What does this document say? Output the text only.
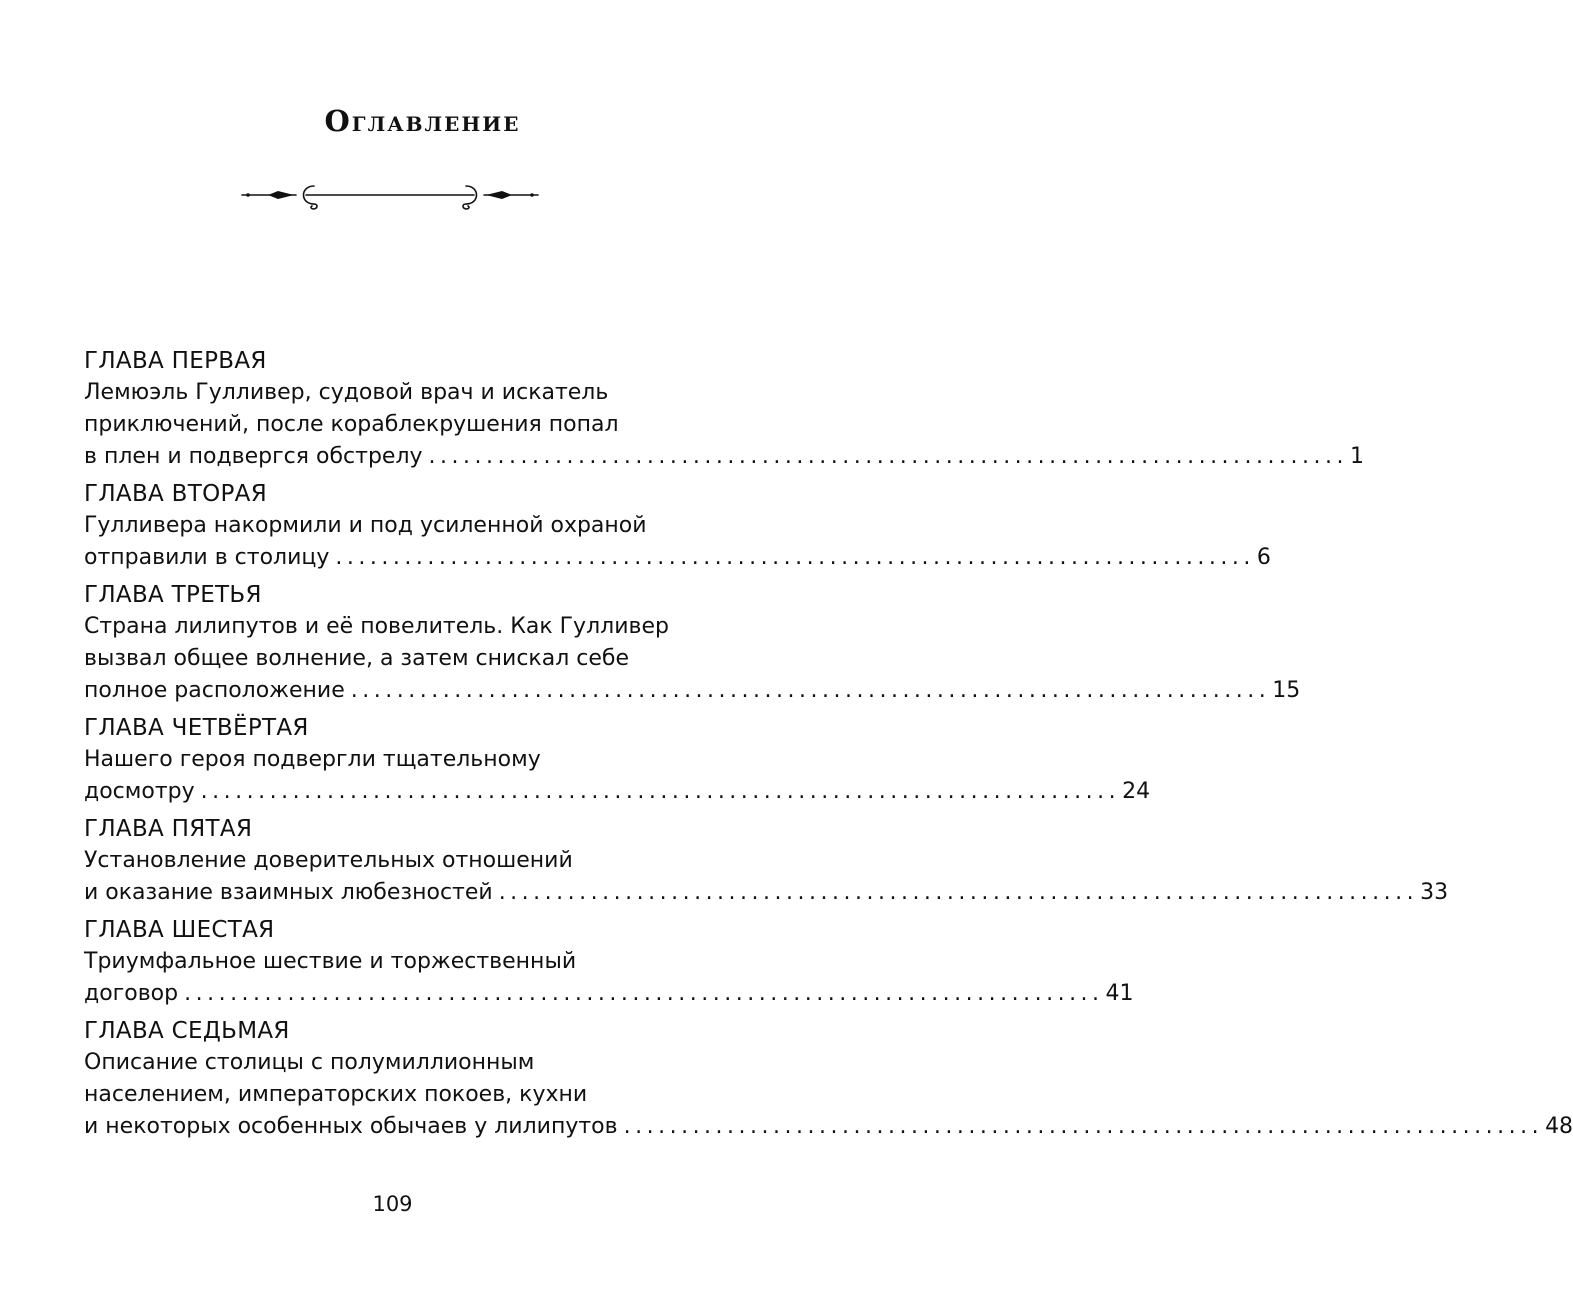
Оглавление
ГЛАВА ПЕРВАЯ
Лемюэль Гулливер, судовой врач и искатель
приключений, после кораблекрушения попал
в плен и подвергся обстрелу ................................................................................ 1
ГЛАВА ВТОРАЯ
Гулливера накормили и под усиленной охраной
отправили в столицу ................................................................................ 6
ГЛАВА ТРЕТЬЯ
Страна лилипутов и её повелитель. Как Гулливер
вызвал общее волнение, а затем снискал себе
полное расположение ................................................................................ 15
ГЛАВА ЧЕТВЁРТАЯ
Нашего героя подвергли тщательному
досмотру ................................................................................ 24
ГЛАВА ПЯТАЯ
Установление доверительных отношений
и оказание взаимных любезностей ................................................................................ 33
ГЛАВА ШЕСТАЯ
Триумфальное шествие и торжественный
договор ................................................................................ 41
ГЛАВА СЕДЬМАЯ
Описание столицы с полумиллионным
населением, императорских покоев, кухни
и некоторых особенных обычаев у лилипутов ................................................................................ 48
109
